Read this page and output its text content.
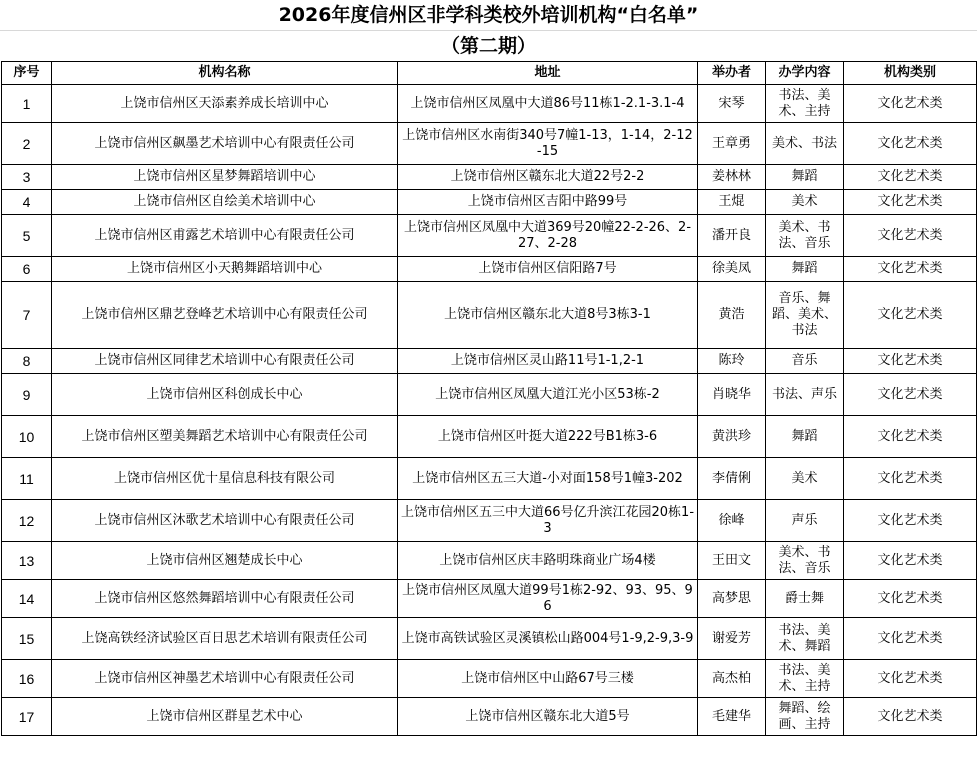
2026年度信州区非学科类校外培训机构“白名单”
（第二期）
序号	机构名称	地址	举办者	办学内容	机构类别
1	上饶市信州区天添素养成长培训中心	上饶市信州区凤凰中大道86号11栋1-2.1-3.1-4	宋琴	书法、美术、主持	文化艺术类
2	上饶市信州区飙墨艺术培训中心有限责任公司	上饶市信州区水南街340号7幢1-13，1-14，2-12-15	王章勇	美术、书法	文化艺术类
3	上饶市信州区星梦舞蹈培训中心	上饶市信州区赣东北大道22号2-2	姜林林	舞蹈	文化艺术类
4	上饶市信州区自绘美术培训中心	上饶市信州区吉阳中路99号	王焜	美术	文化艺术类
5	上饶市信州区甫露艺术培训中心有限责任公司	上饶市信州区凤凰中大道369号20幢22-2-26、2-27、2-28	潘开良	美术、书法、音乐	文化艺术类
6	上饶市信州区小天鹅舞蹈培训中心	上饶市信州区信阳路7号	徐美凤	舞蹈	文化艺术类
7	上饶市信州区鼎艺登峰艺术培训中心有限责任公司	上饶市信州区赣东北大道8号3栋3-1	黄浩	音乐、舞蹈、美术、书法	文化艺术类
8	上饶市信州区同律艺术培训中心有限责任公司	上饶市信州区灵山路11号1-1,2-1	陈玲	音乐	文化艺术类
9	上饶市信州区科创成长中心	上饶市信州区凤凰大道江光小区53栋-2	肖晓华	书法、声乐	文化艺术类
10	上饶市信州区塑美舞蹈艺术培训中心有限责任公司	上饶市信州区叶挺大道222号B1栋3-6	黄洪珍	舞蹈	文化艺术类
11	上饶市信州区优十星信息科技有限公司	上饶市信州区五三大道-小对面158号1幢3-202	李倩俐	美术	文化艺术类
12	上饶市信州区沐歌艺术培训中心有限责任公司	上饶市信州区五三中大道66号亿升滨江花园20栋1-3	徐峰	声乐	文化艺术类
13	上饶市信州区翘楚成长中心	上饶市信州区庆丰路明珠商业广场4楼	王田文	美术、书法、音乐	文化艺术类
14	上饶市信州区悠然舞蹈培训中心有限责任公司	上饶市信州区凤凰大道99号1栋2-92、93、95、96	高梦思	爵士舞	文化艺术类
15	上饶高铁经济试验区百日思艺术培训有限责任公司	上饶市高铁试验区灵溪镇松山路004号1-9,2-9,3-9	谢爱芳	书法、美术、舞蹈	文化艺术类
16	上饶市信州区神墨艺术培训中心有限责任公司	上饶市信州区中山路67号三楼	高杰柏	书法、美术、主持	文化艺术类
17	上饶市信州区群星艺术中心	上饶市信州区赣东北大道5号	毛建华	舞蹈、绘画、主持	文化艺术类
